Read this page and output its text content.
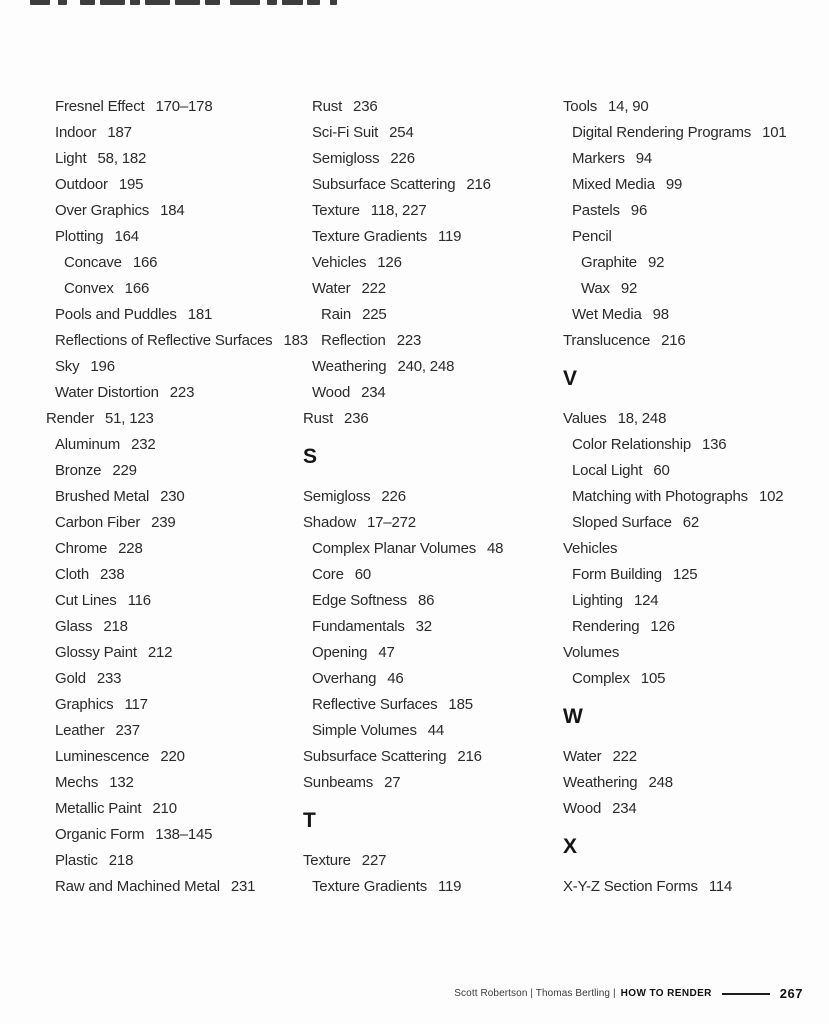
Fresnel Effect 170–178
Indoor 187
Light 58, 182
Outdoor 195
Over Graphics 184
Plotting 164
Concave 166
Convex 166
Pools and Puddles 181
Reflections of Reflective Surfaces 183
Sky 196
Water Distortion 223
Render 51, 123
Aluminum 232
Bronze 229
Brushed Metal 230
Carbon Fiber 239
Chrome 228
Cloth 238
Cut Lines 116
Glass 218
Glossy Paint 212
Gold 233
Graphics 117
Leather 237
Luminescence 220
Mechs 132
Metallic Paint 210
Organic Form 138–145
Plastic 218
Raw and Machined Metal 231
Rust 236
Sci-Fi Suit 254
Semigloss 226
Subsurface Scattering 216
Texture 118, 227
Texture Gradients 119
Vehicles 126
Water 222
Rain 225
Reflection 223
Weathering 240, 248
Wood 234
Rust 236
S
Semigloss 226
Shadow 17–272
Complex Planar Volumes 48
Core 60
Edge Softness 86
Fundamentals 32
Opening 47
Overhang 46
Reflective Surfaces 185
Simple Volumes 44
Subsurface Scattering 216
Sunbeams 27
T
Texture 227
Texture Gradients 119
Tools 14, 90
Digital Rendering Programs 101
Markers 94
Mixed Media 99
Pastels 96
Pencil
Graphite 92
Wax 92
Wet Media 98
Translucence 216
V
Values 18, 248
Color Relationship 136
Local Light 60
Matching with Photographs 102
Sloped Surface 62
Vehicles
Form Building 125
Lighting 124
Rendering 126
Volumes
Complex 105
W
Water 222
Weathering 248
Wood 234
X
X-Y-Z Section Forms 114
Scott Robertson | Thomas Bertling | HOW TO RENDER	267
